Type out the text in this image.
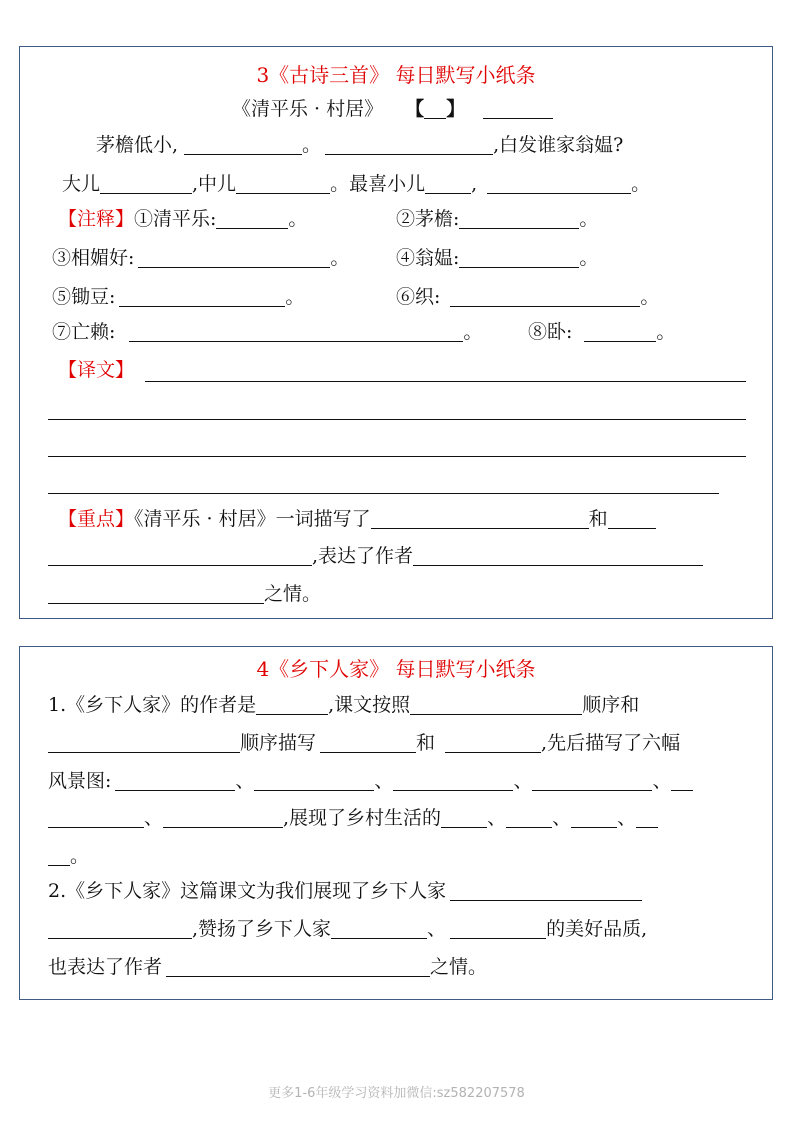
3《古诗三首》 每日默写小纸条
《清平乐 · 村居》 【 】
茅檐低小,	。	,白发谁家翁媪?
大儿	,中儿	。最喜小儿 ,	。
【注释】①清平乐:	。	②茅檐:	。
③相媚好:	。 ④翁媪:	。
⑤锄豆:	。	⑥织:	。
⑦亡赖:	。 ⑧卧:	。
【译文】
【重点】《清平乐 · 村居》一词描写了	和
,表达了作者
之情。
4《乡下人家》 每日默写小纸条
1.《乡下人家》的作者是	,课文按照	顺序和
顺序描写	和	,先后描写了六幅
风景图:	、	、	、	、
、	,展现了乡村生活的 、 、 、
。
2.《乡下人家》这篇课文为我们展现了乡下人家
,赞扬了乡下人家	、	的美好品质,
也表达了作者	之情。
更多1-6年级学习资料加微信:sz582207578
